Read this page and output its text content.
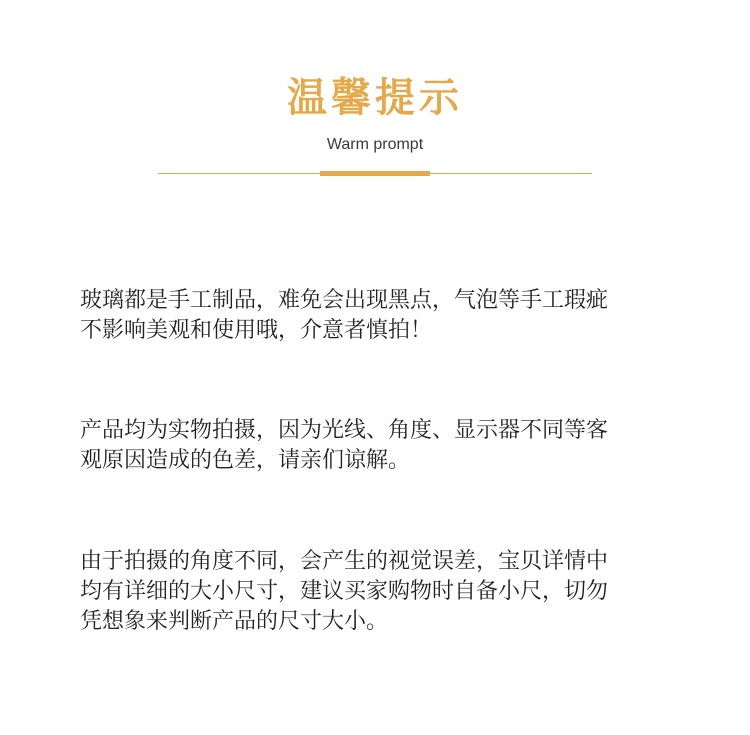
温馨提示
Warm prompt
玻璃都是手工制品，难免会出现黑点，气泡等手工瑕疵
不影响美观和使用哦，介意者慎拍！
产品均为实物拍摄，因为光线、角度、显示器不同等客
观原因造成的色差，请亲们谅解。
由于拍摄的角度不同，会产生的视觉误差，宝贝详情中
均有详细的大小尺寸，建议买家购物时自备小尺，切勿
凭想象来判断产品的尺寸大小。
